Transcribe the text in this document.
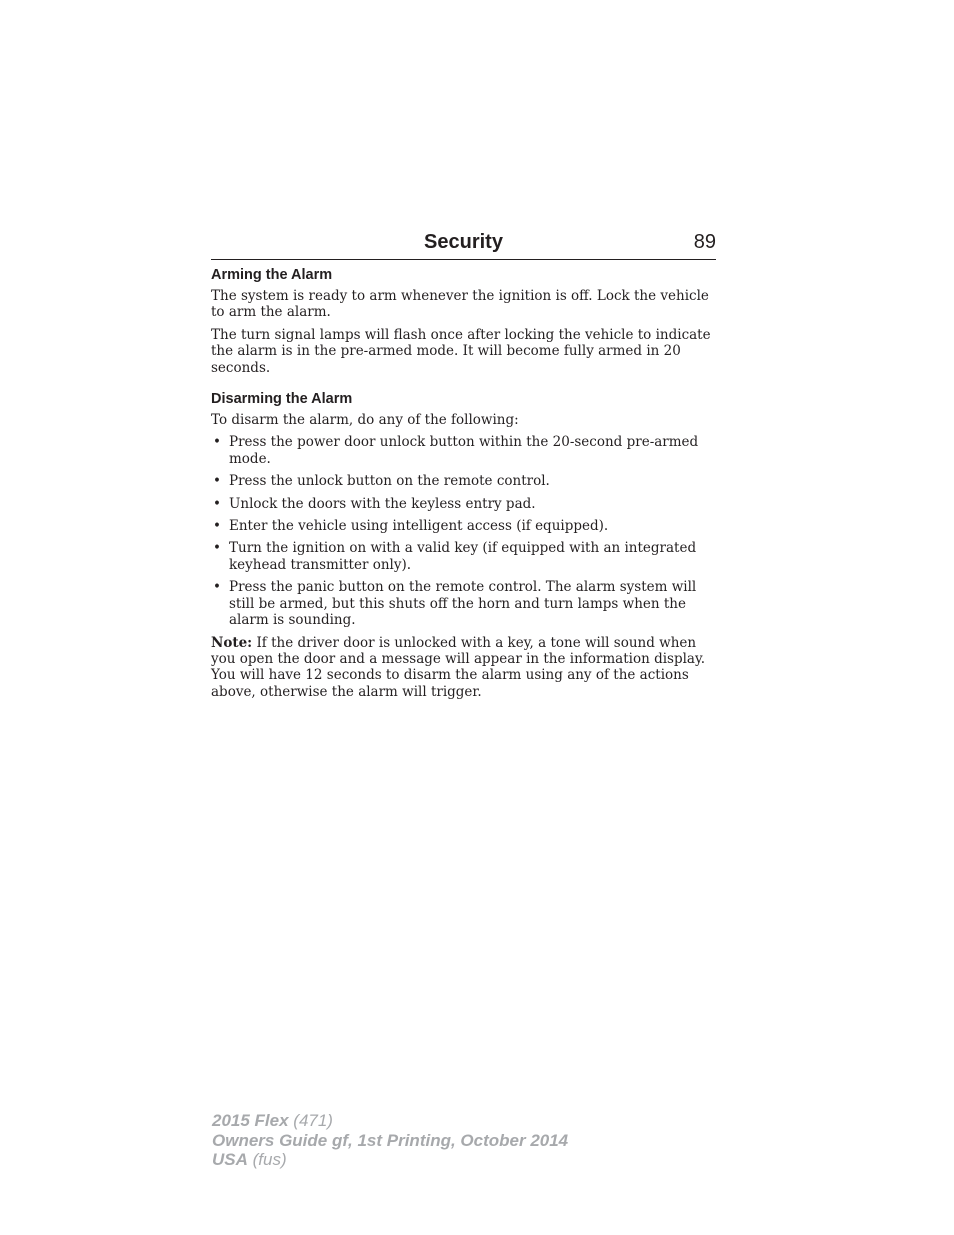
Security	89
Arming the Alarm

The system is ready to arm whenever the ignition is off. Lock the vehicle to arm the alarm.

The turn signal lamps will flash once after locking the vehicle to indicate the alarm is in the pre-armed mode. It will become fully armed in 20 seconds.

Disarming the Alarm

To disarm the alarm, do any of the following:

• Press the power door unlock button within the 20-second pre-armed mode.
• Press the unlock button on the remote control.
• Unlock the doors with the keyless entry pad.
• Enter the vehicle using intelligent access (if equipped).
• Turn the ignition on with a valid key (if equipped with an integrated keyhead transmitter only).
• Press the panic button on the remote control. The alarm system will still be armed, but this shuts off the horn and turn lamps when the alarm is sounding.

Note: If the driver door is unlocked with a key, a tone will sound when you open the door and a message will appear in the information display. You will have 12 seconds to disarm the alarm using any of the actions above, otherwise the alarm will trigger.

2015 Flex (471)
Owners Guide gf, 1st Printing, October 2014
USA (fus)
